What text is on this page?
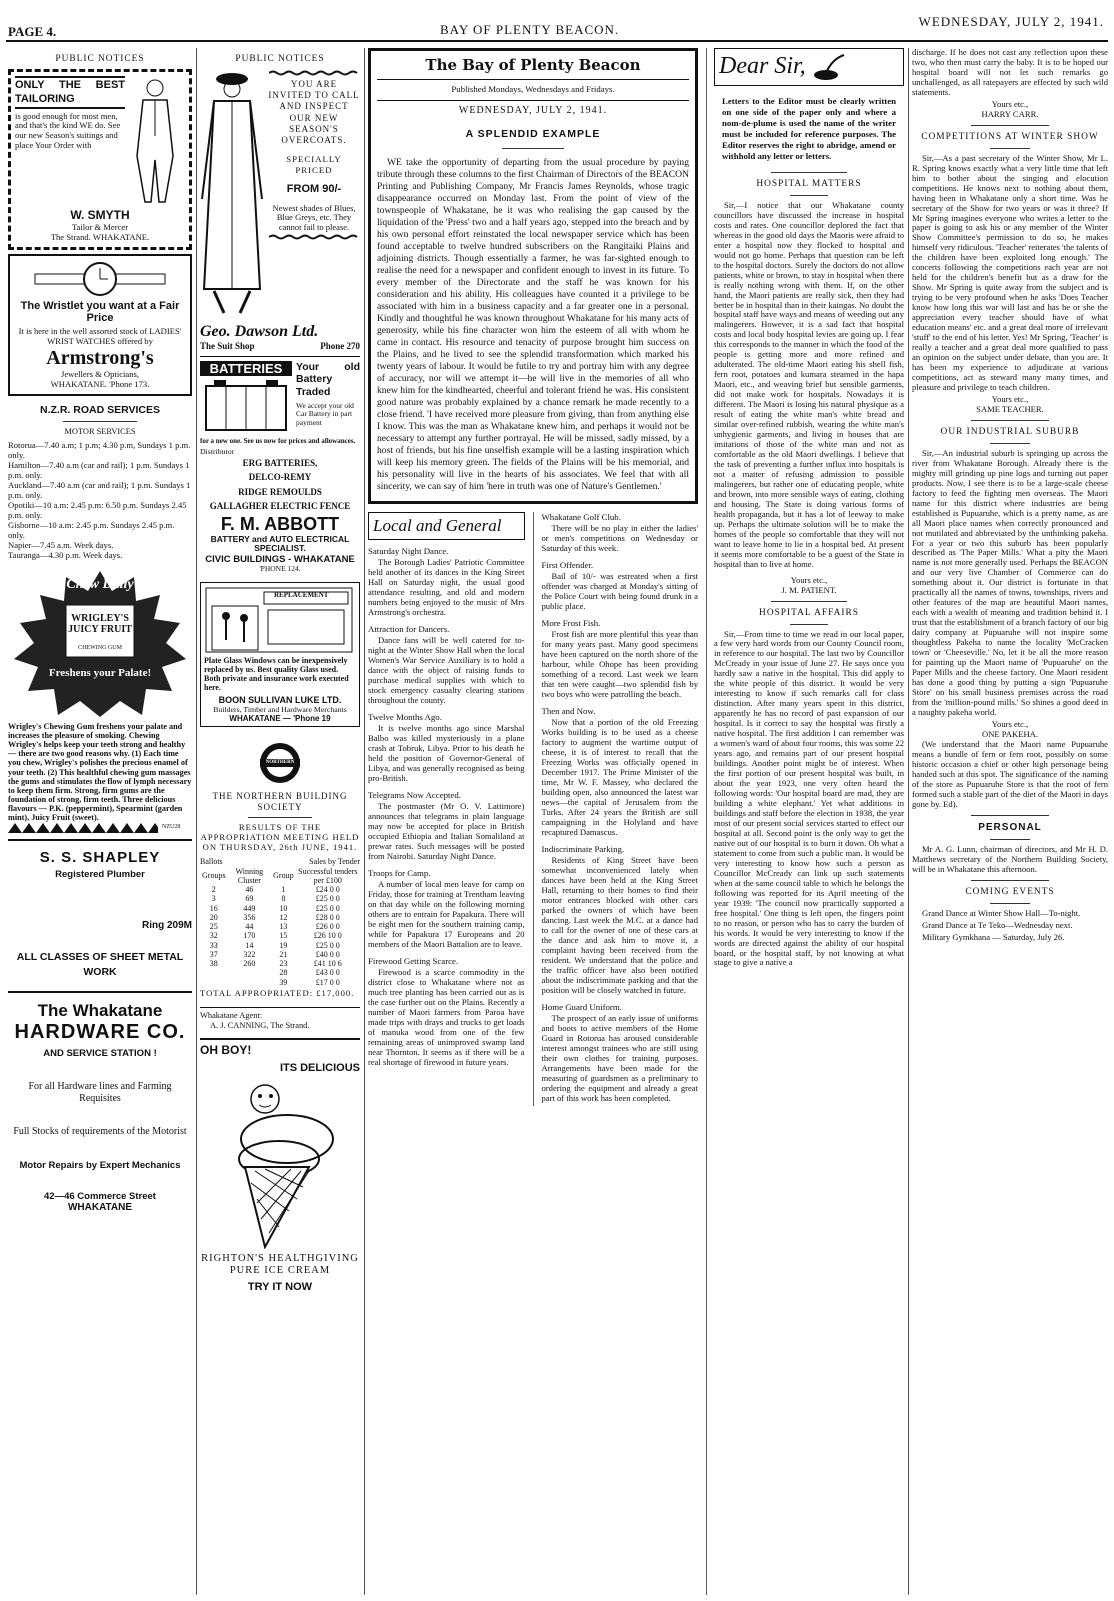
PAGE 4.	BAY OF PLENTY BEACON.
WEDNESDAY, JULY 2, 1941.
PUBLIC NOTICES
ONLY THE BEST TAILORING
is good enough for most men, and that's the kind WE do. See our new Season's suitings and place Your Order with
W. SMYTH
Tailor & Mercer
The Strand. WHAKATANE.
The Wristlet you want at a Fair Price
It is here in the well assorted stock of LADIES' WRIST WATCHES offered by
Armstrong's
Jewellers & Opticians,
WHAKATANE. 'Phone 173.
N.Z.R. ROAD SERVICES
MOTOR SERVICES
Rotorua—7.40 a.m; 1 p.m; 4.30 p.m, Sundays 1 p.m. only.
Hamilton—7.40 a.m (car and rail); 1 p.m. Sundays 1 p.m. only.
Auckland—7.40 a.m (car and rail); 1 p.m. Sundays 1 p.m. only.
Opotiki—10 a.m: 2.45 p.m: 6.50 p.m. Sundays 2.45 p.m. only.
Gisborne—10 a.m: 2.45 p.m. Sundays 2.45 p.m. only.
Napier—7.45 a.m. Week days.
Tauranga—4.30 p.m. Week days.
Chew Daily
WRIGLEY'S JUICY FRUIT
CHEWING GUM
Freshens your Palate!
Wrigley's Chewing Gum freshens your palate and increases the pleasure of smoking. Chewing Wrigley's helps keep your teeth strong and healthy — there are two good reasons why. (1) Each time you chew, Wrigley's polishes the precious enamel of your teeth. (2) This healthful chewing gum massages the gums and stimulates the flow of lymph necessary to keep them firm. Strong, firm gums are the foundation of strong, firm teeth. Three delicious flavours — P.K. (peppermint), Spearmint (garden mint), Juicy Fruit (sweet).
NZU28
S. S. SHAPLEY
Registered Plumber
Ring 209M
ALL CLASSES OF SHEET METAL WORK
The Whakatane
HARDWARE CO.
AND SERVICE STATION !
For all Hardware lines and Farming Requisites
Full Stocks of requirements of the Motorist
Motor Repairs by Expert Mechanics
42—46 Commerce Street
WHAKATANE
PUBLIC NOTICES
YOU ARE INVITED TO CALL AND INSPECT OUR NEW SEASON'S OVERCOATS.
SPECIALLY PRICED
FROM 90/-
Newest shades of Blues, Blue Greys, etc. They cannot fail to please.
Geo. Dawson Ltd.
The Suit Shop	Phone 270
BATTERIES	Your old Battery Traded
We accept your old Car Battery in part payment
for a new one. See us now for prices and allowances.
Distributor
ERG BATTERIES,
DELCO-REMY
RIDGE REMOULDS
GALLAGHER ELECTRIC FENCE
F. M. ABBOTT
BATTERY and AUTO ELECTRICAL SPECIALIST.
CIVIC BUILDINGS - WHAKATANE
'PHONE 124.
Plate Glass Windows can be inexpensively replaced by us. Best quality Glass used. Both private and insurance work executed here.
BOON SULLIVAN LUKE LTD.
Builders, Timber and Hardware Merchants
WHAKATANE — 'Phone 19
THE NORTHERN BUILDING SOCIETY
RESULTS OF THE APPROPRIATION MEETING HELD ON THURSDAY, 26th JUNE, 1941.
Ballots	Sales by Tender
Groups	Winning Cluster	Group	Successful tenders per £100
2	46	1	£24 0 0
3	69	8	£25 0 0
16	449	10	£25 0 0
20	356	12	£28 0 0
25	44	13	£26 0 0
32	170	15	£26 10 0
33	14	19	£25 0 0
37	322	21	£40 0 0
38	260	23	£41 10 6
		28	£43 0 0
		39	£17 0 0
TOTAL APPROPRIATED: £17,000.
Whakatane Agent:
A. J. CANNING, The Strand.
OH BOY!
ITS DELICIOUS
RIGHTON'S HEALTHGIVING PURE ICE CREAM
TRY IT NOW
The Bay of Plenty Beacon
Published Mondays, Wednesdays and Fridays.
WEDNESDAY, JULY 2, 1941.
A SPLENDID EXAMPLE

WE take the opportunity of departing from the usual procedure by paying tribute through these columns to the first Chairman of Directors of the BEACON Printing and Publishing Company, Mr Francis James Reynolds, whose tragic disappearance occurred on Monday last. From the point of view of the townspeople of Whakatane, he it was who realising the gap caused by the liquidation of the 'Press' two and a half years ago, stepped into the breach and by his own personal effort reinstated the local newspaper service which has been found acceptable to twelve hundred subscribers on the Rangitaiki Plains and adjoining districts. Though essentially a farmer, he was far-sighted enough to realise the need for a newspaper and confident enough to invest in its future. To every member of the Directorate and the staff he was known for his consideration and his ability. His colleagues have counted it a privilege to be associated with him in a business capacity and a far greater one in a personal. Kindly and thoughtful he was known throughout Whakatane for his many acts of generosity, while his fine character won him the esteem of all with whom he came in contact. His resource and tenacity of purpose brought him success on the Plains, and he lived to see the splendid transformation which marked his twenty years of labour. It would be futile to try and portray him with any degree of accuracy, nor will we attempt it—he will live in the memories of all who knew him for the kindhearted, cheerful and tolerant friend he was. His consistent good nature was probably explained by a chance remark he made recently to a close friend. 'I have received more pleasure from giving, than from anything else I know. This was the man as Whakatane knew him, and perhaps it would not be necessary to attempt any further portrayal. He will be missed, sadly missed, by a host of friends, but his fine unselfish example will be a lasting inspiration which will keep his memory green. The fields of the Plains will be his memorial, and his personality will live in the hearts of his associates. We feel that with all sincerity, we can say of him 'here in truth was one of Nature's Gentlemen.'

Local and General
Saturday Night Dance.

The Borough Ladies' Patriotic Committee held another of its dances in the King Street Hall on Saturday night, the usual good attendance resulting, and old and modern numbers being enjoyed to the music of Mrs Armstrong's orchestra.

Attraction for Dancers.

Dance fans will be well catered for to-night at the Winter Show Hall when the local Women's War Service Auxiliary is to hold a dance with the object of raising funds to purchase medical supplies with which to stock emergency casualty clearing stations throughout the county.

Twelve Months Ago.

It is twelve months ago since Marshal Balbo was killed mysteriously in a plane crash at Tobruk, Libya. Prior to his death he held the position of Governor-General of Libya, and was generally recognised as being pro-British.

Telegrams Now Accepted.

The postmaster (Mr O. V. Lattimore) announces that telegrams in plain language may now be accepted for place in British occupied Ethiopia and Italian Somaliland at prewar rates. Such messages will be posted from Nairobi. Saturday Night Dance.

Troops for Camp.

A number of local men leave for camp on Friday, those for training at Trentham leaving on that day while on the following morning others are to entrain for Papakura. There will be eight men for the southern training camp, while for Papakura 17 Europeans and 20 members of the Maori Battalion are to leave.

Firewood Getting Scarce.

Firewood is a scarce commodity in the district close to Whakatane where not as much tree planting has been carried out as is the case further out on the Plains. Recently a number of Maori farmers from Paroa have made trips with drays and trucks to get loads of manuka wood from one of the few remaining areas of unimproved swamp land near Thornton. It seems as if there will be a real shortage of firewood in future years.

Whakatane Golf Club.

There will be no play in either the ladies' or men's competitions on Wednesday or Saturday of this week.

First Offender.

Bail of 10/- was estreated when a first offender was charged at Monday's sitting of the Police Court with being found drunk in a public place.

More Frost Fish.

Frost fish are more plentiful this year than for many years past. Many good specimens have been captured on the north shore of the harbour, while Ohope has been providing something of a record. Last week we learn that ten were caught—two splendid fish by two boys who were patrolling the beach.

Then and Now.

Now that a portion of the old Freezing Works building is to be used as a cheese factory to augment the wartime output of cheese, it is of interest to recall that the Freezing Works was officially opened in December 1917. The Prime Minister of the time, Mr W. F. Massey, who declared the building open, also announced the latest war news—the capital of Jerusalem from the Turks. After 24 years the British are still campaigning in the Holyland and have recaptured Damascus.

Indiscriminate Parking.

Residents of King Street have been somewhat inconvenienced lately when dances have been held at the King Street Hall, returning to their homes to find their motor entrances blocked with other cars parked the owners of which have been dancing. Last week the M.C. at a dance had to call for the owner of one of these cars at the dance and ask him to move it, a complaint having been received from the resident. We understand that the police and the traffic officer have also been notified about the indiscriminate parking and that the position will be closely watched in future.

Home Guard Uniform.

The prospect of an early issue of uniforms and boots to active members of the Home Guard in Rotorua has aroused considerable interest amongst trainees who are still using their own clothes for training purposes. Arrangements have been made for the measuring of guardsmen as a preliminary to ordering the equipment and already a great part of this work has been completed.

Dear Sir,
Letters to the Editor must be clearly written on one side of the paper only and where a nom-de-plume is used the name of the writer must be included for reference purposes. The Editor reserves the right to abridge, amend or withhold any letter or letters.
HOSPITAL MATTERS

Sir,—I notice that our Whakatane county councillors have discussed the increase in hospital costs and rates. One councillor deplored the fact that whereas in the good old days the Maoris were afraid to enter a hospital now they flocked to hospital and would not go home. Perhaps that question can be left to the hospital doctors. Surely the doctors do not allow patients, white or brown, to stay in hospital when there is really nothing wrong with them. If, on the other hand, the Maori patients are really sick, then they had better be in hospital than in their kaingas. No doubt the hospital staff have ways and means of weeding out any malingerers. However, it is a sad fact that hospital costs and local body hospital levies are going up. I fear this corresponds to the manner in which the food of the people is getting more and more refined and adulterated. The old-time Maori eating his shell fish, fern root, potatoes and kumara steamed in the hapa Maori, etc., and weaving brief but sensible garments, did not make work for hospitals. Nowadays it is different. The Maori is losing his natural physique as a result of eating the white man's white bread and similar over-refined rubbish, wearing the white man's unhygienic garments, and living in houses that are imitations of those of the white man and not as comfortable as the old Maori dwellings. I believe that the task of preventing a further influx into hospitals is not a matter of refusing admission to possible malingerers, but rather one of educating people, white and brown, into more sensible ways of eating, clothing and housing. The State is doing various forms of health propaganda, but it has a lot of leeway to make up. Perhaps the ultimate solution will be to make the homes of the people so comfortable that they will not want to leave home to lie in a hospital bed. At present it seems more comfortable to be a guest of the State in hospital than to live at home.

Yours etc.,
J. M. PATIENT.
HOSPITAL AFFAIRS

Sir,—From time to time we read in our local paper, a few very hard words from our County Council room, in reference to our hospital. The last two by Councillor McCready in your issue of June 27. He says once you hardly saw a native in the hospital. This did apply to the white people of this district. It would be very interesting to know if such remarks call for class distinction. After many years spent in this district, apparently he has no record of past expansion of our hospital. Is it correct to say the hospital was firstly a native hospital. The first addition I can remember was a women's ward of about four rooms, this was some 22 years ago, and remains part of our present hospital buildings. Another point might be of interest. When the first portion of our present hospital was built, in about the year 1923, one very often heard the following words: 'Our hospital board are mad, they are building a white elephant.' Yet what additions in buildings and staff before the election in 1938, the year most of our present social services started to effect our hospital at all. Second point is the only way to get the native out of our hospital is to burn it down. Oh what a statement to come from such a public man. It would be very interesting to know how such a person as Councillor McCready can link up such statements when at the same council table to which he belongs the following was reported for its April meeting of the year 1939: 'The council now practically supported a free hospital.' One thing is left open, the fingers point to no reason, or person who has to carry the burden of his words. It would be very interesting to know if the words are directed against the ability of our hospital board, or the hospital staff, by not knowing at what stage to give a native a

discharge. If he does not cast any reflection upon these two, who then must carry the baby. It is to be hoped our hospital board will not let such remarks go unchallenged, as all ratepayers are effected by such wild statements.

Yours etc.,
HARRY CARR.
COMPETITIONS AT WINTER SHOW

Sir,—As a past secretary of the Winter Show, Mr L. R. Spring knows exactly what a very little time that left him to bother about the singing and elocution competitions. He knows next to nothing about them, having been in Whakatane only a short time. Was he secretary of the Show for two years or was it three? If Mr Spring imagines everyone who writes a letter to the paper is going to ask his or any member of the Winter Show Committee's permission to do so, he makes himself very ridiculous. 'Teacher' reiterates 'the talents of the children have been exploited long enough.' The concerts following the competitions each year are not held for the children's benefit but as a draw for the Show. Mr Spring is quite away from the subject and is trying to be very profound when he asks 'Does Teacher know how long this war will last and has he or she the appreciation every teacher should have of what education means' etc. and a great deal more of irrelevant 'stuff' to the end of his letter. Yes! Mr Spring, 'Teacher' is really a teacher and a great deal more qualified to pass an opinion on the subject under debate, than you are. It has been my experience to adjudicate at various competitions, act as steward many many times, and pleasure and privilege to teach children.

Yours etc.,
SAME TEACHER.
OUR INDUSTRIAL SUBURB

Sir,—An industrial suburb is springing up across the river from Whakatane Borough. Already there is the mighty mill grinding up pine logs and turning out paper products. Now, I see there is to be a large-scale cheese factory to feed the fighting men overseas. The Maori name for this district where industries are being established is Pupuaruhe, which is a pretty name, as are all Maori place names when correctly pronounced and not mutilated and abbreviated by the unthinking pakeha. For a year or two this suburb has been popularly described as 'The Paper Mills.' What a pity the Maori name is not more generally used. Perhaps the BEACON and our very live Chamber of Commerce can do something about it. Our district is fortunate in that practically all the names of towns, townships, rivers and other features of the map are beautiful Maori names, each with a wealth of meaning and tradition behind it. I trust that the establishment of a branch factory of our big dairy company at Pupuaruhe will not inspire some thoughtless Pakeha to name the locality 'McCracken town' or 'Cheeseville.' No, let it be all the more reason for painting up the Maori name of 'Pupuaruhe' on the Paper Mills and the cheese factory. One Maori resident has done a good thing by putting a sign 'Pupuaruhe Store' on his small business premises across the road from the 'million-pound mills.' So shines a good deed in a naughty pakeha world.

Yours etc.,
ONE PAKEHA.

(We understand that the Maori name Pupuaruhe means a bundle of fern or fern root, possibly on some historic occasion a chief or other high personage being handed such at this spot. The significance of the naming of the store as Pupuaruhe Store is that the root of fern formed such a stable part of the diet of the Maori in days gone by. Ed).

PERSONAL

Mr A. G. Lunn, chairman of directors, and Mr H. D. Matthews secretary of the Northern Building Society, will be in Whakatane this afternoon.

COMING EVENTS

Grand Dance at Winter Show Hall—To-night.

Grand Dance at Te Teko—Wednesday next.

Military Gymkhana — Saturday, July 26.
